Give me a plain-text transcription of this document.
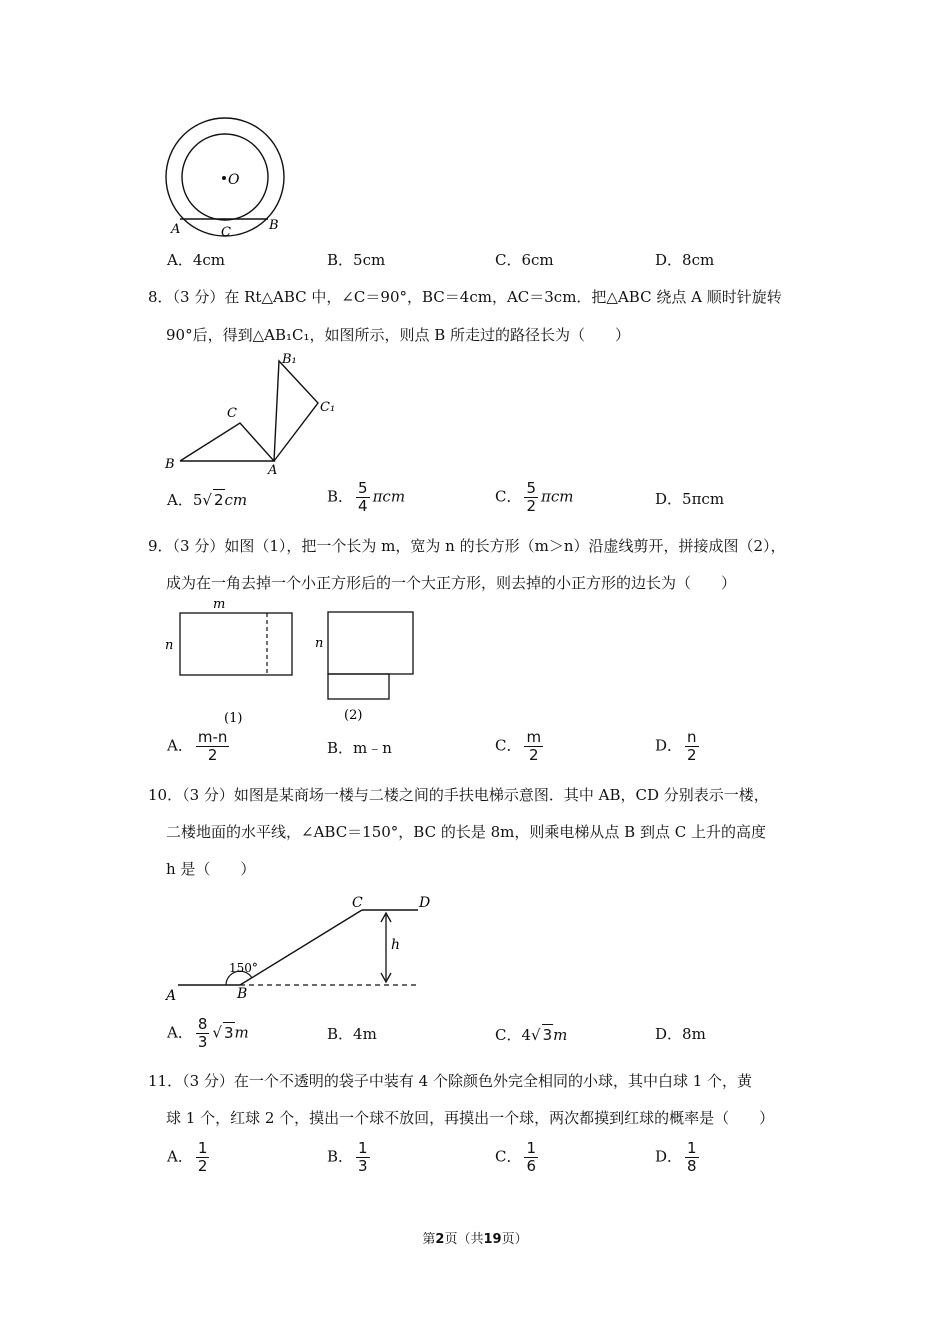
O
A	C	B
A．4cm	B．5cm	C．6cm	D．8cm
8．（3 分）在 Rt△ABC 中，∠C＝90°，BC＝4cm，AC＝3cm．把△ABC 绕点 A 顺时针旋转
90°后，得到△AB₁C₁，如图所示，则点 B 所走过的路径长为（　　）
B₁
C₁
C
B	A
A．5√ 2cm	B． $\frac{5}{4}$ πcm	C． $\frac{5}{2}$ πcm	D．5πcm
9．（3 分）如图（1），把一个长为 m，宽为 n 的长方形（m＞n）沿虚线剪开，拼接成图（2），
成为在一角去掉一个小正方形后的一个大正方形，则去掉的小正方形的边长为（　　）
m
n	n
(1)	(2)
A． $\frac{m-n}{2}$	B．m﹣n	C． $\frac{m}{2}$	D． $\frac{n}{2}$
10．（3 分）如图是某商场一楼与二楼之间的手扶电梯示意图．其中 AB，CD 分别表示一楼，
二楼地面的水平线，∠ABC＝150°，BC 的长是 8m，则乘电梯从点 B 到点 C 上升的高度
h 是（　　）
C	D
h
150°
A	B
A． $\frac{8}{3}$ √ 3m	B．4m	C．4√ 3m	D．8m
11．（3 分）在一个不透明的袋子中装有 4 个除颜色外完全相同的小球，其中白球 1 个，黄
球 1 个，红球 2 个，摸出一个球不放回，再摸出一个球，两次都摸到红球的概率是（　　）
A． $\frac{1}{2}$	B． $\frac{1}{3}$	C． $\frac{1}{6}$	D． $\frac{1}{8}$
第2页（共19页）
